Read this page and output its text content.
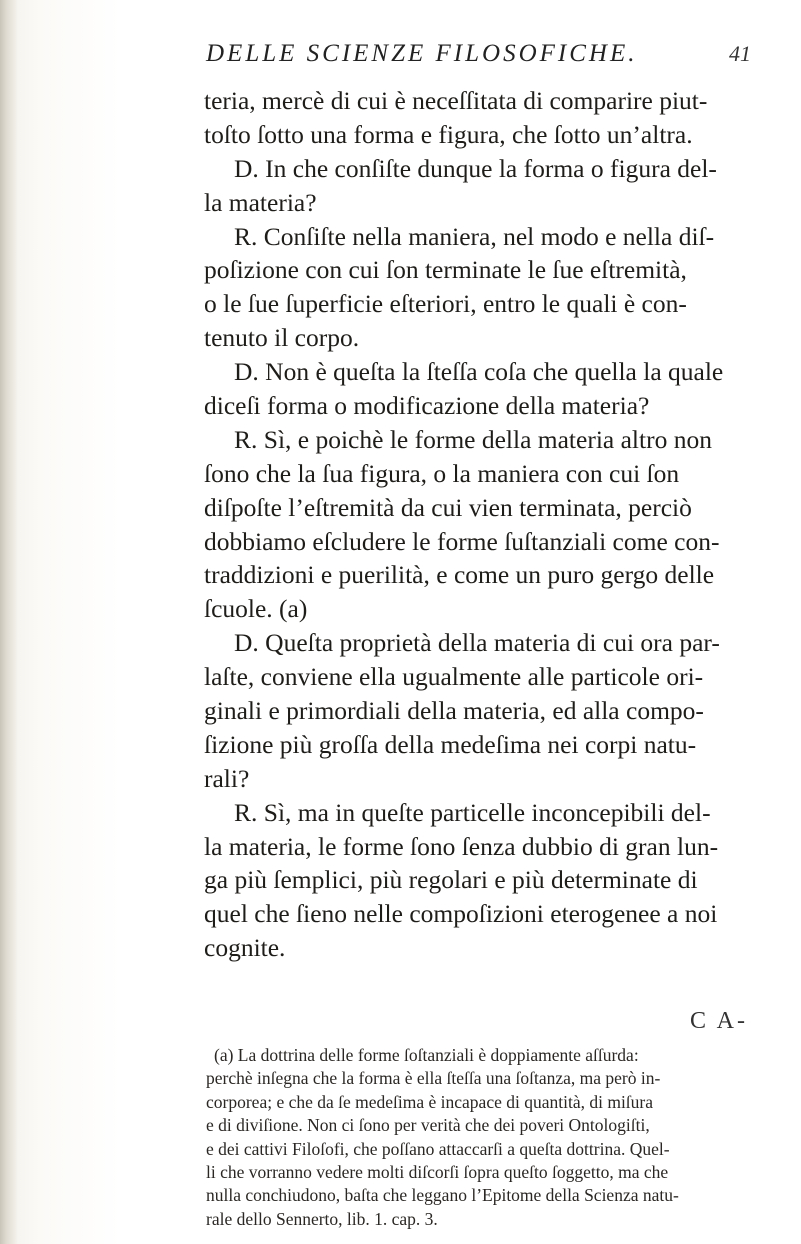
DELLE SCIENZE FILOSOFICHE.	41
teria, mercè di cui è neceſſitata di comparire piut-
toſto ſotto una forma e figura, che ſotto un’altra.
D. In che conſiſte dunque la forma o figura del-
la materia?
R. Conſiſte nella maniera, nel modo e nella diſ-
poſizione con cui ſon terminate le ſue eſtremità,
o le ſue ſuperficie eſteriori, entro le quali è con-
tenuto il corpo.
D. Non è queſta la ſteſſa coſa che quella la quale
diceſi forma o modificazione della materia?
R. Sì, e poichè le forme della materia altro non
ſono che la ſua figura, o la maniera con cui ſon
diſpoſte l’eſtremità da cui vien terminata, perciò
dobbiamo eſcludere le forme ſuſtanziali come con-
traddizioni e puerilità, e come un puro gergo delle
ſcuole. (a)
D. Queſta proprietà della materia di cui ora par-
laſte, conviene ella ugualmente alle particole ori-
ginali e primordiali della materia, ed alla compo-
ſizione più groſſa della medeſima nei corpi natu-
rali?
R. Sì, ma in queſte particelle inconcepibili del-
la materia, le forme ſono ſenza dubbio di gran lun-
ga più ſemplici, più regolari e più determinate di
quel che ſieno nelle compoſizioni eterogenee a noi
cognite.
C A-
(a) La dottrina delle forme ſoſtanziali è doppiamente aſſurda:
perchè inſegna che la forma è ella ſteſſa una ſoſtanza, ma però in-
corporea; e che da ſe medeſima è incapace di quantità, di miſura
e di diviſione. Non ci ſono per verità che dei poveri Ontologiſti,
e dei cattivi Filoſofi, che poſſano attaccarſi a queſta dottrina. Quel-
li che vorranno vedere molti diſcorſi ſopra queſto ſoggetto, ma che
nulla conchiudono, baſta che leggano l’Epitome della Scienza natu-
rale dello Sennerto, lib. 1. cap. 3.
